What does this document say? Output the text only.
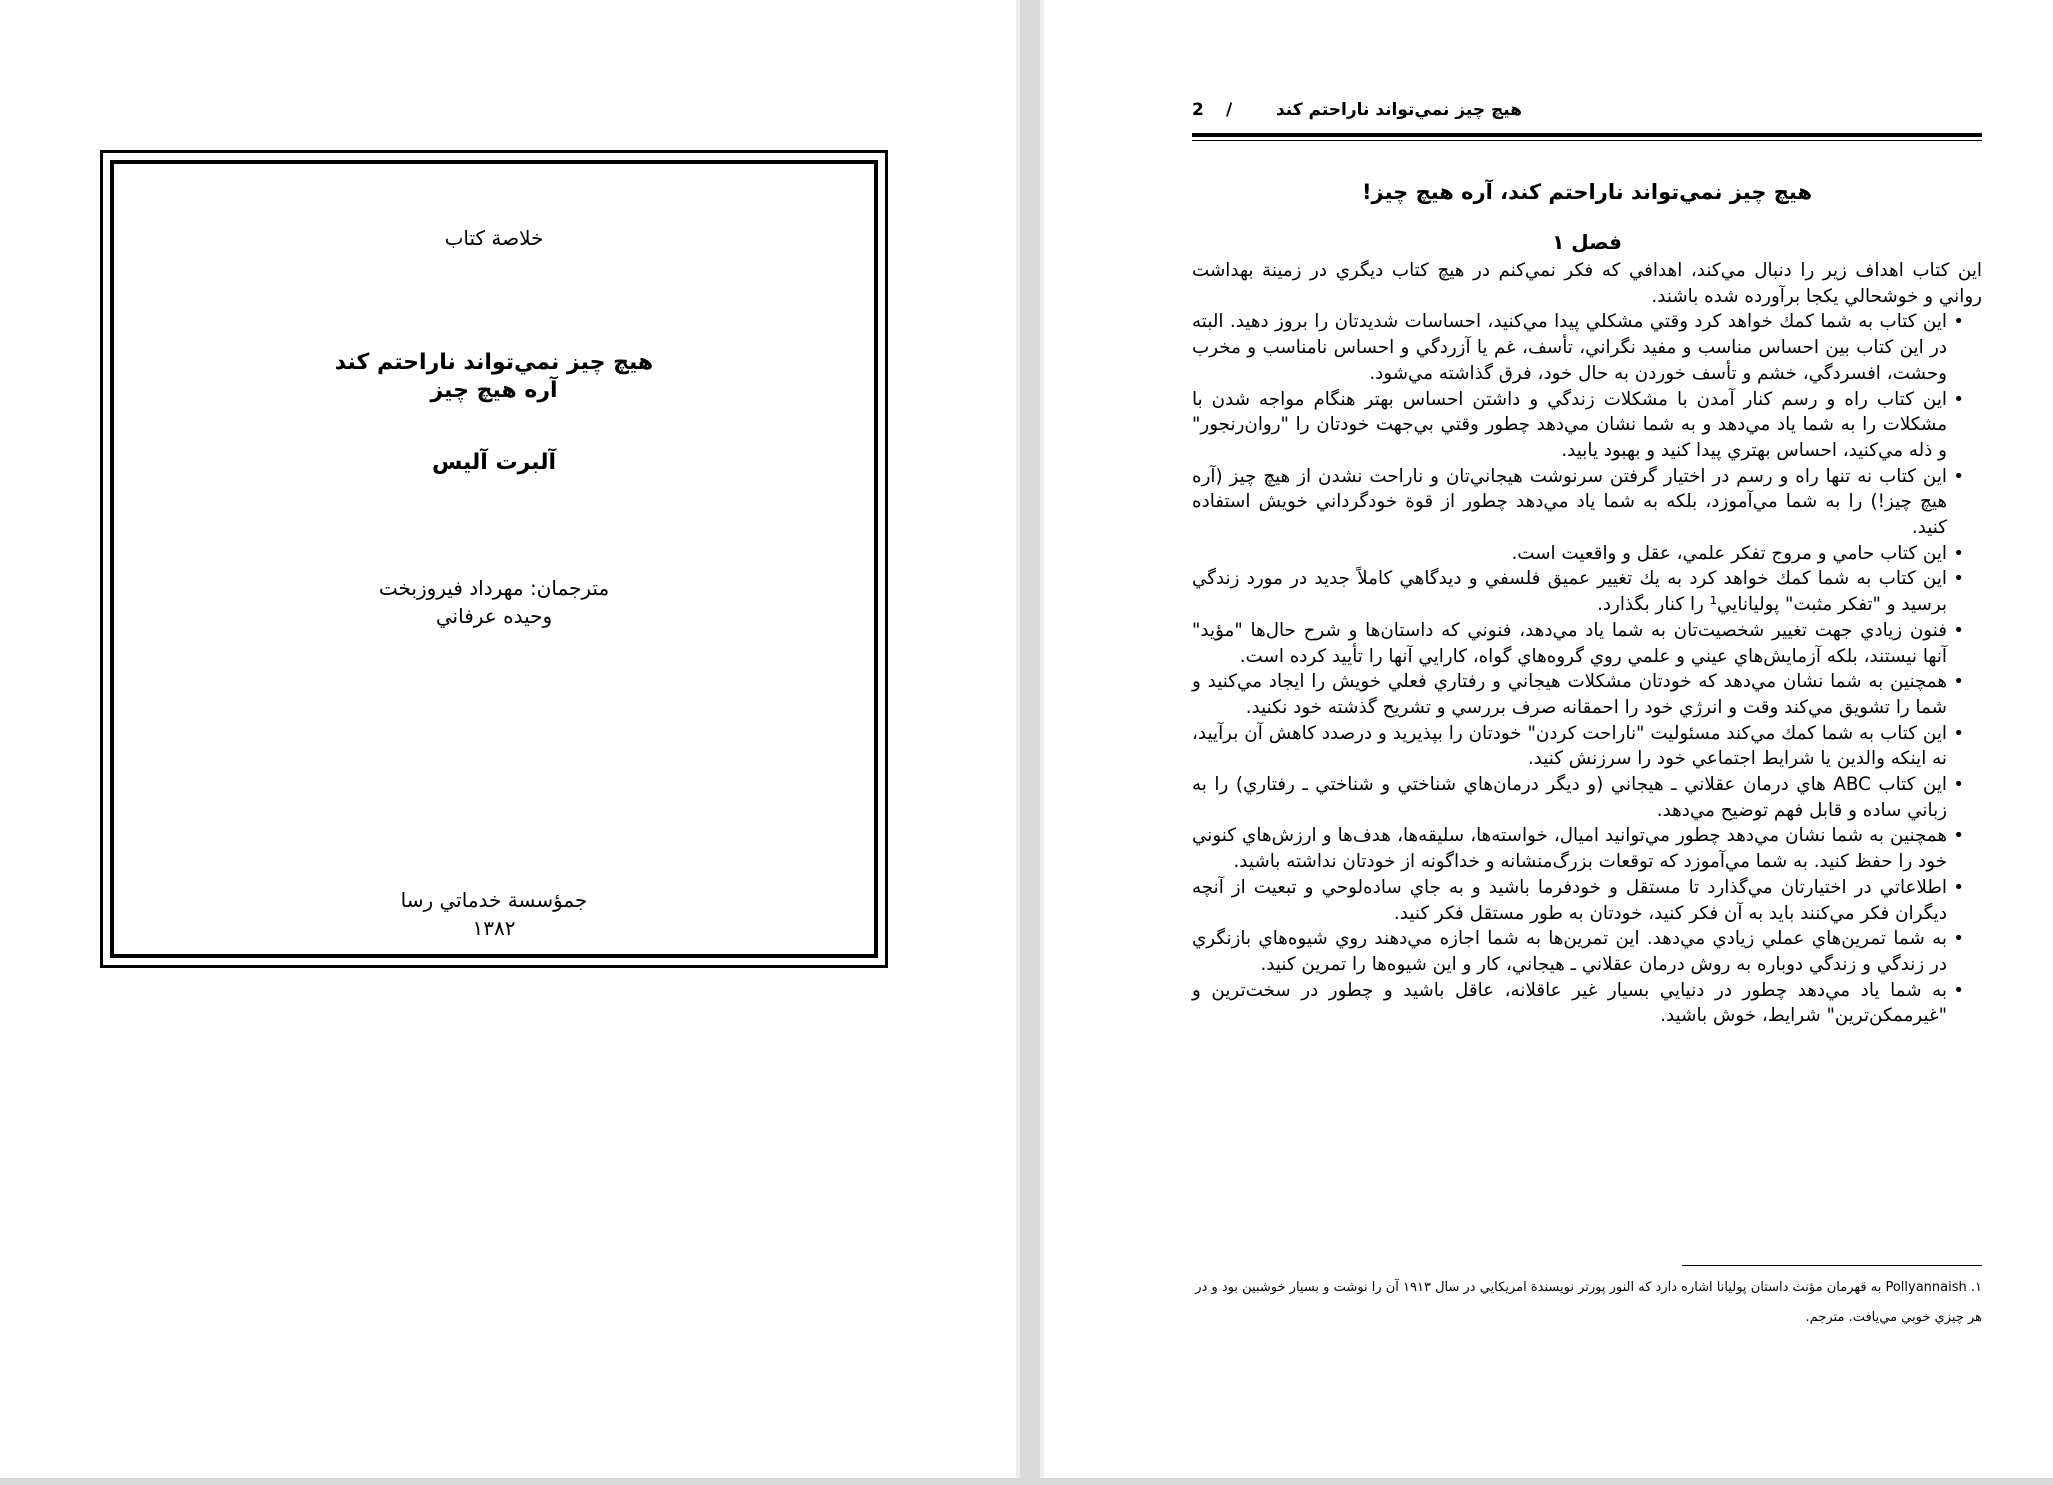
خلاصة كتاب
هيچ چيز نمي‌تواند ناراحتم كند
آره هيچ چيز
آلبرت آليس
مترجمان: مهرداد فيروزبخت
وحيده عرفاني
جمؤسسة خدماتي رسا
١٣٨٢
هيچ چيز نمي‌تواند ناراحتم كند
/
2
هيچ چيز نمي‌تواند ناراحتم كند، آره هيچ چيز!
فصل ١

اين كتاب اهداف زير را دنبال مي‌كند، اهدافي كه فكر نمي‌كنم در هيچ كتاب ديگري در زمينة بهداشت رواني و خوشحالي يكجا برآورده شده باشند.

•
اين كتاب به شما كمك خواهد كرد وقتي مشكلي پيدا مي‌كنيد، احساسات شديدتان را بروز دهيد. البته در اين كتاب بين احساس مناسب و مفيد نگراني، تأسف، غم يا آزردگي و احساس نامناسب و مخرب وحشت، افسردگي، خشم و تأسف خوردن به حال خود، فرق گذاشته مي‌شود.
•
اين كتاب راه و رسم كنار آمدن با مشكلات زندگي و داشتن احساس بهتر هنگام مواجه شدن با مشكلات را به شما ياد مي‌دهد و به شما نشان مي‌دهد چطور وقتي بي‌جهت خودتان را "روان‌رنجور" و ذله مي‌كنيد، احساس بهتري پيدا كنيد و بهبود يابيد.
•
اين كتاب نه تنها راه و رسم در اختيار گرفتن سرنوشت هيجاني‌تان و ناراحت نشدن از هيچ چيز (آره هيچ چيز!) را به شما مي‌آموزد، بلكه به شما ياد مي‌دهد چطور از قوة خودگرداني خويش استفاده كنيد.
•
اين كتاب حامي و مروج تفكر علمي، عقل و واقعيت است.
•
اين كتاب به شما كمك خواهد كرد به يك تغيير عميق فلسفي و ديدگاهي كاملاً جديد در مورد زندگي برسيد و "تفكر مثبت" پوليانايي¹ را كنار بگذارد.
•
فنون زيادي جهت تغيير شخصيت‌تان به شما ياد مي‌دهد، فنوني كه داستان‌ها و شرح حال‌ها "مؤيد" آنها نيستند، بلكه آزمايش‌هاي عيني و علمي روي گروه‌هاي گواه، كارايي آنها را تأييد كرده است.
•
همچنين به شما نشان مي‌دهد كه خودتان مشكلات هيجاني و رفتاري فعلي خويش را ايجاد مي‌كنيد و شما را تشويق مي‌كند وقت و انرژي خود را احمقانه صرف بررسي و تشريح گذشته خود نكنيد.
•
اين كتاب به شما كمك مي‌كند مسئوليت "ناراحت كردن" خودتان را بپذيريد و درصدد كاهش آن برآييد، نه اينكه والدين يا شرايط اجتماعي خود را سرزنش كنيد.
•
اين كتاب ABC هاي درمان عقلاني ـ هيجاني (و ديگر درمان‌هاي شناختي و شناختي ـ رفتاري) را به زباني ساده و قابل فهم توضيح مي‌دهد.
•
همچنين به شما نشان مي‌دهد چطور مي‌توانيد اميال، خواسته‌ها، سليقه‌ها، هدف‌ها و ارزش‌هاي كنوني خود را حفظ كنيد. به شما مي‌آموزد كه توقعات بزرگ‌منشانه و خداگونه از خودتان نداشته باشيد.
•
اطلاعاتي در اختيارتان مي‌گذارد تا مستقل و خودفرما باشيد و به جاي ساده‌لوحي و تبعيت از آنچه ديگران فكر مي‌كنند بايد به آن فكر كنيد، خودتان به طور مستقل فكر كنيد.
•
به شما تمرين‌هاي عملي زيادي مي‌دهد. اين تمرين‌ها به شما اجازه مي‌دهند روي شيوه‌هاي بازنگري در زندگي و زندگي دوباره به روش درمان عقلاني ـ هيجاني، كار و اين شيوه‌ها را تمرين كنيد.
•
به شما ياد مي‌دهد چطور در دنيايي بسيار غير عاقلانه، عاقل باشيد و چطور در سخت‌ترين و "غيرممكن‌ترين" شرايط، خوش باشيد.
١. Pollyannaish به قهرمان مؤنث داستان پوليانا اشاره دارد كه النور پورتر نويسندة امريكايي در سال ١٩١٣ آن را نوشت و بسيار خوشبين بود و در هر چيزي خوبي مي‌يافت. مترجم.
